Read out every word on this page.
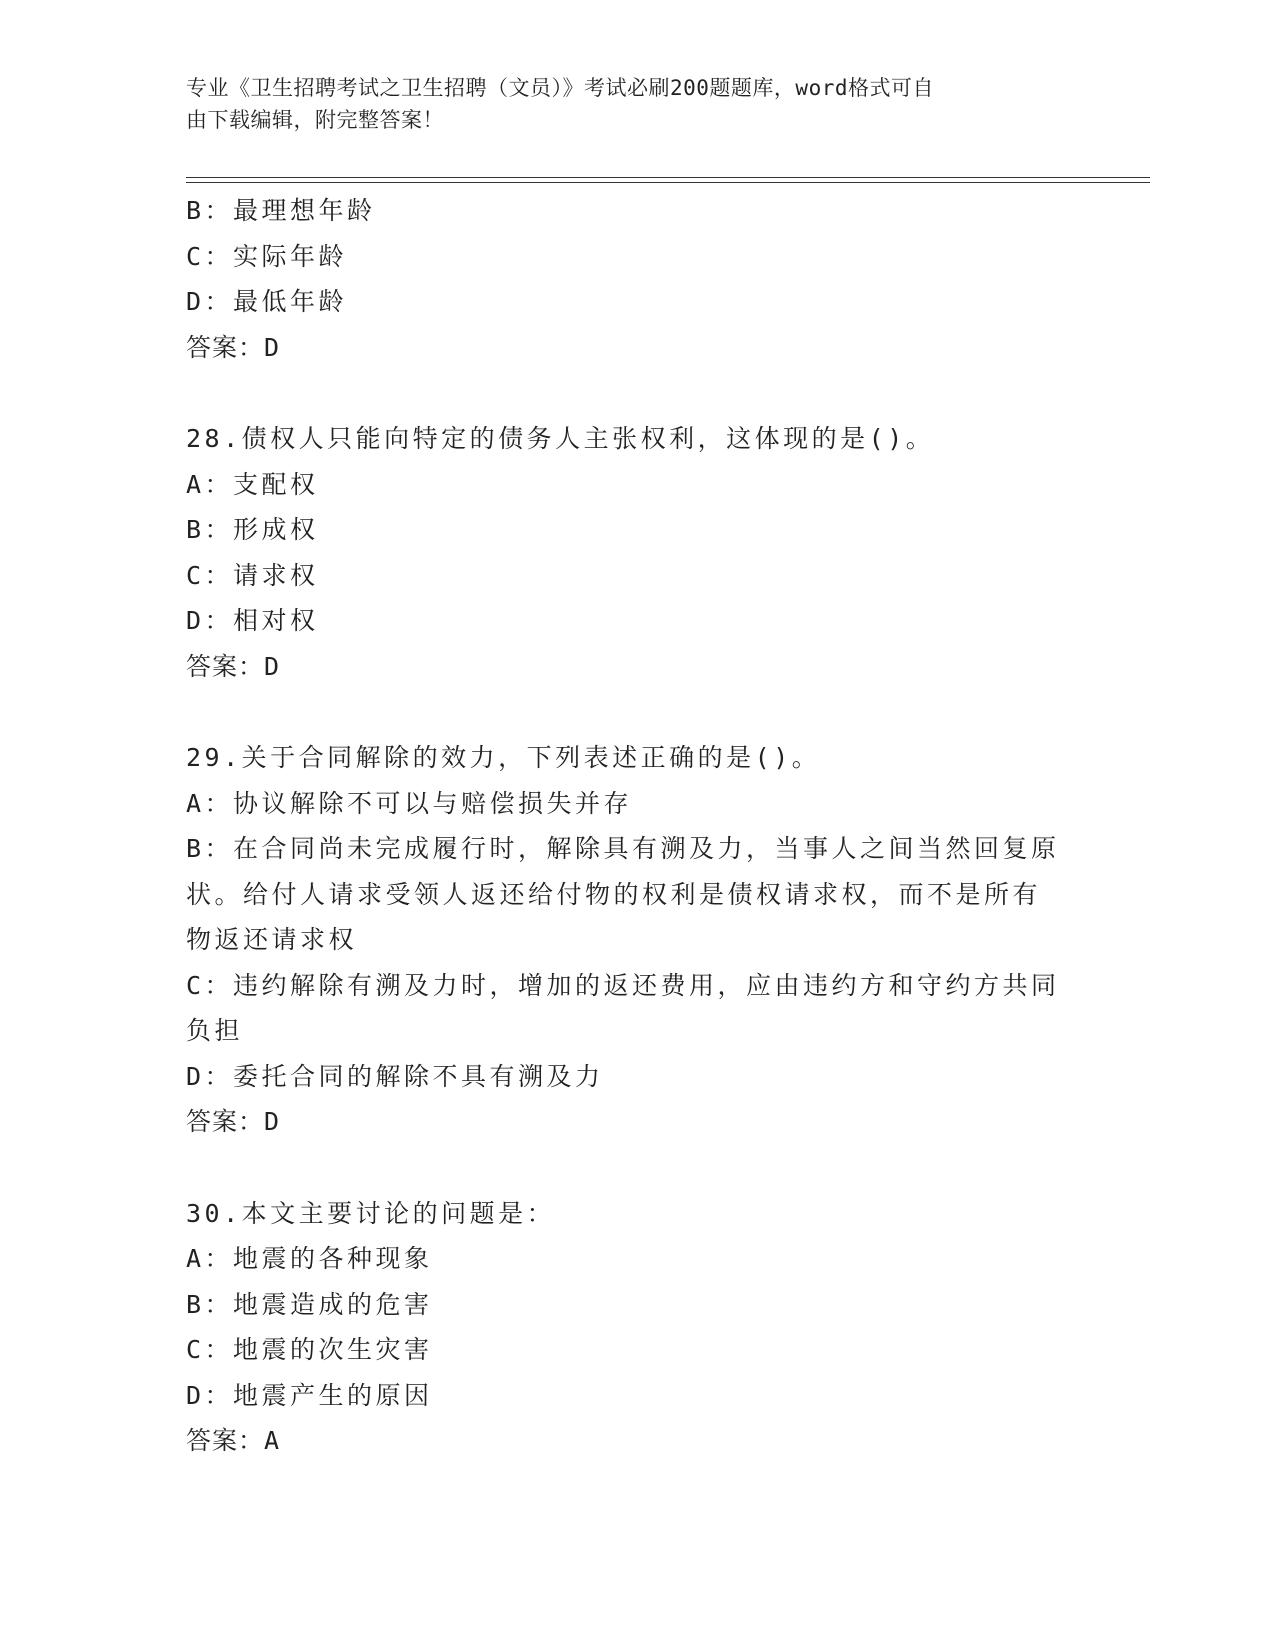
专业《卫生招聘考试之卫生招聘（文员）》考试必刷200题题库，word格式可自
由下载编辑，附完整答案！
B：最理想年龄
C：实际年龄
D：最低年龄
答案：D
28.债权人只能向特定的债务人主张权利，这体现的是()。
A：支配权
B：形成权
C：请求权
D：相对权
答案：D
29.关于合同解除的效力，下列表述正确的是()。
A：协议解除不可以与赔偿损失并存
B：在合同尚未完成履行时，解除具有溯及力，当事人之间当然回复原
状。给付人请求受领人返还给付物的权利是债权请求权，而不是所有
物返还请求权
C：违约解除有溯及力时，增加的返还费用，应由违约方和守约方共同
负担
D：委托合同的解除不具有溯及力
答案：D
30.本文主要讨论的问题是：
A：地震的各种现象
B：地震造成的危害
C：地震的次生灾害
D：地震产生的原因
答案：A
